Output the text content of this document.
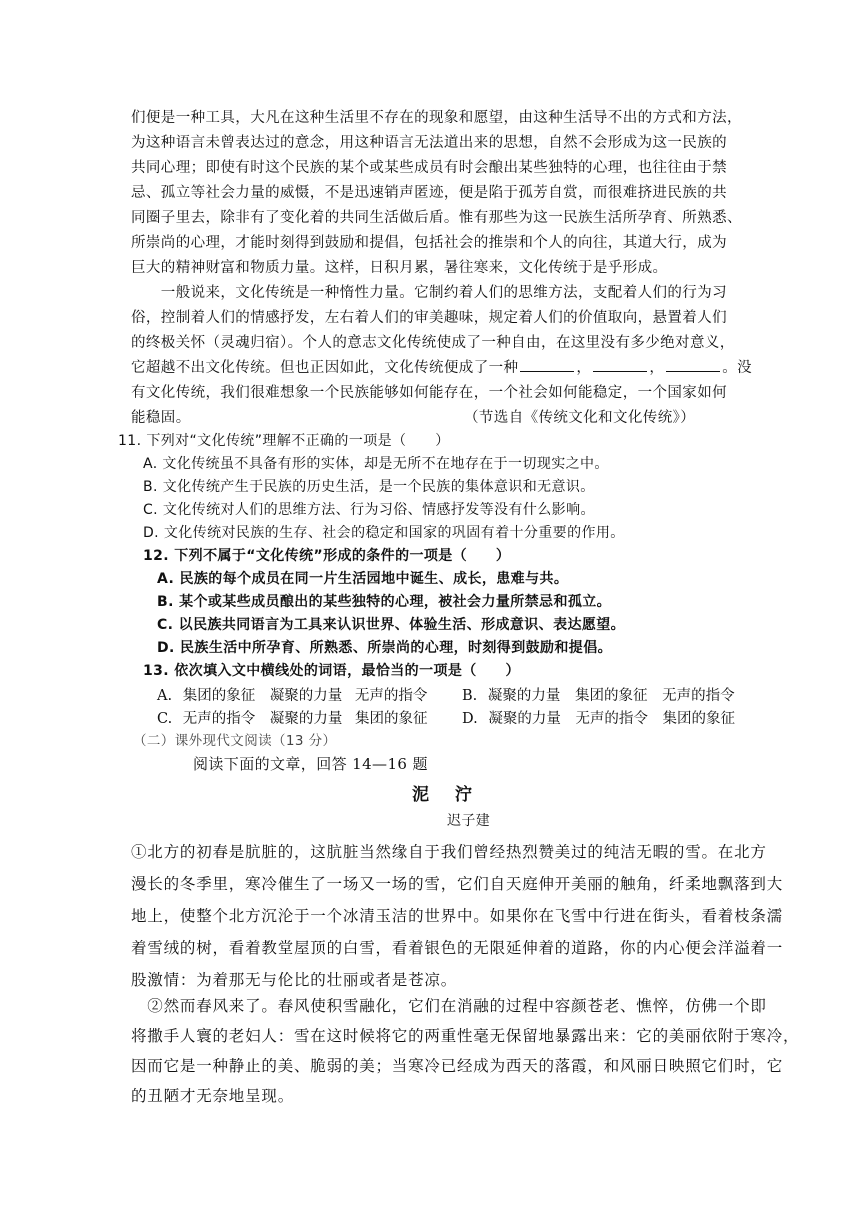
们便是一种工具，大凡在这种生活里不存在的现象和愿望，由这种生活导不出的方式和方法，
为这种语言未曾表达过的意念，用这种语言无法道出来的思想，自然不会形成为这一民族的
共同心理；即使有时这个民族的某个或某些成员有时会酿出某些独特的心理，也往往由于禁
忌、孤立等社会力量的威慑，不是迅速销声匿迹，便是陷于孤芳自赏，而很难挤进民族的共
同圈子里去，除非有了变化着的共同生活做后盾。惟有那些为这一民族生活所孕育、所熟悉、
所崇尚的心理，才能时刻得到鼓励和提倡，包括社会的推崇和个人的向往，其道大行，成为
巨大的精神财富和物质力量。这样，日积月累，暑往寒来，文化传统于是乎形成。
　　一般说来，文化传统是一种惰性力量。它制约着人们的思维方法，支配着人们的行为习
俗，控制着人们的情感抒发，左右着人们的审美趣味，规定着人们的价值取向，悬置着人们
的终极关怀（灵魂归宿）。个人的意志文化传统使成了一种自由，在这里没有多少绝对意义，
它超越不出文化传统。但也正因如此，文化传统便成了一种	，	，	。没
有文化传统，我们很难想象一个民族能够如何能存在，一个社会如何能稳定，一个国家如何
能稳固。	（节选自《传统文化和文化传统》）
11. 下列对“文化传统”理解不正确的一项是（　　）
A. 文化传统虽不具备有形的实体，却是无所不在地存在于一切现实之中。
B. 文化传统产生于民族的历史生活，是一个民族的集体意识和无意识。
C. 文化传统对人们的思维方法、行为习俗、情感抒发等没有什么影响。
D. 文化传统对民族的生存、社会的稳定和国家的巩固有着十分重要的作用。
12. 下列不属于“文化传统”形成的条件的一项是（　　）
A. 民族的每个成员在同一片生活园地中诞生、成长，患难与共。
B. 某个或某些成员酿出的某些独特的心理，被社会力量所禁忌和孤立。
C. 以民族共同语言为工具来认识世界、体验生活、形成意识、表达愿望。
D. 民族生活中所孕育、所熟悉、所崇尚的心理，时刻得到鼓励和提倡。
13. 依次填入文中横线处的词语，最恰当的一项是（　　）
A. 集团的象征 凝聚的力量 无声的指令 B. 凝聚的力量 集团的象征 无声的指令
C. 无声的指令 凝聚的力量 集团的象征 D. 凝聚的力量 无声的指令 集团的象征
（二）课外现代文阅读（13 分）
阅读下面的文章，回答 14—16 题
泥 泞
迟子建
①北方的初春是肮脏的，这肮脏当然缘自于我们曾经热烈赞美过的纯洁无暇的雪。在北方
漫长的冬季里，寒冷催生了一场又一场的雪，它们自天庭伸开美丽的触角，纤柔地飘落到大
地上，使整个北方沉沦于一个冰清玉洁的世界中。如果你在飞雪中行进在街头，看着枝条濡
着雪绒的树，看着教堂屋顶的白雪，看着银色的无限延伸着的道路，你的内心便会洋溢着一
股激情：为着那无与伦比的壮丽或者是苍凉。
　②然而春风来了。春风使积雪融化，它们在消融的过程中容颜苍老、憔悴，仿佛一个即
将撒手人寰的老妇人：雪在这时候将它的两重性毫无保留地暴露出来：它的美丽依附于寒冷，
因而它是一种静止的美、脆弱的美；当寒冷已经成为西天的落霞，和风丽日映照它们时，它
的丑陋才无奈地呈现。
